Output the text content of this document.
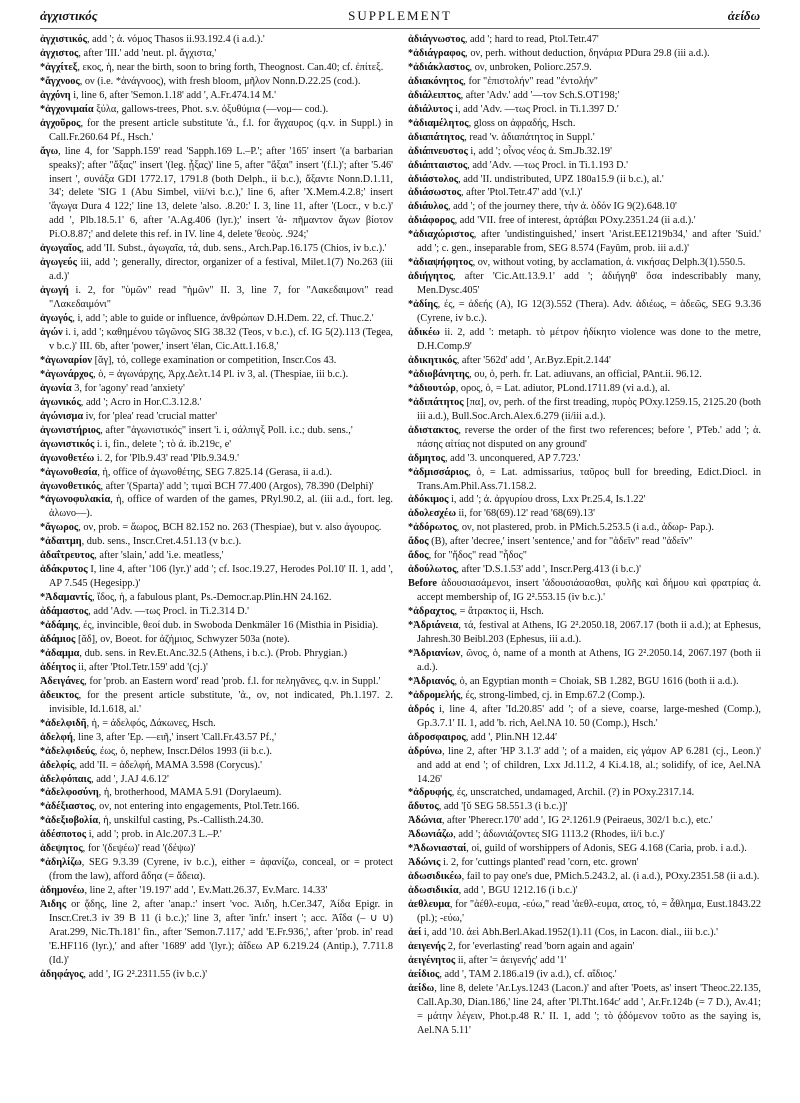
ἀγχιστικός	SUPPLEMENT	ἀείδω

ἀγχιστικός, add '; ἀ. νόμος Thasos ii.93.192.4 (i a.d.).'

ἀγχιστος, after 'III.' add 'neut. pl. ἄγχιστα,'

*ἀγχίτεξ, εκος, ἡ, near the birth, soon to bring forth, Theognost. Can.40; cf. ἐπίτεξ.

*ἄγχνοος, ον (i.e. *ἀνάγνοος), with fresh bloom, μῆλον Nonn.D.22.25 (cod.).

ἀγχόνη i, line 6, after 'Semon.1.18' add ', A.Fr.474.14 M.'

*ἀγχονιμαία ξύλα, gallows-trees, Phot. s.v. ὀξυθύμια (—νομ— cod.).

ἀγχοῦρος, for the present article substitute 'ἀ., f.l. for ἄγχαυρος (q.v. in Suppl.) in Call.Fr.260.64 Pf., Hsch.'

ἄγω, line 4, for 'Sapph.159' read 'Sapph.169 L.–P.'; after '165' insert '(a barbarian speaks)'; after "ἄξας" insert '(leg. ᾖξας)' line 5, after "ἄξαι" insert '(f.l.)'; after '5.46' insert ', συνάξα GDI 1772.17, 1791.8 (both Delph., ii b.c.), ἄξαντε Nonn.D.1.11, 34'; delete 'SIG 1 (Abu Simbel, vii/vi b.c.),' line 6, after 'X.Mem.4.2.8;' insert 'ἄγωγα Dura 4 122;' line 13, delete 'also. .8.20:' I. 3, line 11, after '(Locr., v b.c.)' add ', Plb.18.5.1' 6, after 'A.Ag.406 (lyr.);' insert 'ἀ- πῆμαντον ἄγων βίοτον Pi.O.8.87;' and delete this ref. in IV. line 4, delete 'θεοὺς. .924;'

ἀγωγαῖος, add 'II. Subst., ἀγωγαῖα, τά, dub. sens., Arch.Pap.16.175 (Chios, iv b.c.).'

ἀγωγεύς iii, add '; generally, director, organizer of a festival, Milet.1(7) No.263 (iii a.d.)'

ἀγωγή i. 2, for "ὑμῶν" read "ἡμῶν" II. 3, line 7, for "Λακεδαιμονι" read "Λακεδαιμόνι"

ἀγωγός, i, add '; able to guide or influence, ἀνθρώπων D.H.Dem. 22, cf. Thuc.2.'

ἀγών i. i, add '; καθημένου τῶγῶνος SIG 38.32 (Teos, v b.c.), cf. IG 5(2).113 (Tegea, v b.c.)' III. 6b, after 'power,' insert 'élan, Cic.Att.1.16.8,'

*ἀγωναρίον [ᾰγ], τό, college examination or competition, Inscr.Cos 43.

*ἀγωνάρχος, ὁ, = ἀγωνάρχης, Ἀρχ.Δελτ.14 Pl. iv 3, al. (Thespiae, iii b.c.).

ἀγωνία 3, for 'agony' read 'anxiety'

ἀγωνικός, add '; Acro in Hor.C.3.12.8.'

ἀγώνισμα iv, for 'plea' read 'crucial matter'

ἀγωνιστήριος, after "ἀγωνιστικός" insert 'i. i, σάλπιγξ Poll. i.c.; dub. sens.,'

ἀγωνιστικός i. i, fin., delete '; τὸ ἀ. ib.219c, e'

ἀγωνοθετέω i. 2, for 'Plb.9.43' read 'Plb.9.34.9.'

*ἀγωνοθεσία, ἡ, office of ἀγωνοθέτης, SEG 7.825.14 (Gerasa, ii a.d.).

ἀγωνοθετικός, after '(Sparta)' add '; τιμαὶ BCH 77.400 (Argos), 78.390 (Delphi)'

*ἀγωνοφυλακία, ἡ, office of warden of the games, PRyl.90.2, al. (iii a.d., fort. leg. ἀλωνο—).

*ἄγωρος, ον, prob. = ἄωρος, BCH 82.152 no. 263 (Thespiae), but v. also ἀγουρος.

*ἀδαιτμη, dub. sens., Inscr.Cret.4.51.13 (v b.c.).

ἀδαΐτρευτος, after 'slain,' add 'i.e. meatless,'

ἀδάκρυτος I, line 4, after '106 (lyr.)' add '; cf. Isoc.19.27, Herodes Pol.10' II. 1, add ', AP 7.545 (Hegesipp.)'

*Ἀδαμαντίς, ἴδος, ἡ, a fabulous plant, Ps.-Democr.ap.Plin.HN 24.162.

ἀδάμαστος, add 'Adv. —τως Procl. in Ti.2.314 D.'

*ἀδάμης, ές, invincible, θεοί dub. in Swoboda Denkmäler 16 (Misthia in Pisidia).

ἀδάμιος [ᾰδ], ον, Boeot. for ἀζήμιος, Schwyzer 503a (note).

*ἀδαμμα, dub. sens. in Rev.Et.Anc.32.5 (Athens, i b.c.). (Prob. Phrygian.)

ἀδέητος ii, after 'Ptol.Tetr.159' add '(cj.)'

Ἀδειγάνες, for 'prob. an Eastern word' read 'prob. f.l. for πεληγᾶνες, q.v. in Suppl.'

ἀδεικτος, for the present article substitute, 'ἀ., ον, not indicated, Ph.1.197. 2. invisible, Id.1.618, al.'

*ἀδελφιδῆ, ἡ, = ἀδελφός, Δάκωνες, Hsch.

ἀδελφή, line 3, after 'Ep. —ειῆ,' insert 'Call.Fr.43.57 Pf.,'

*ἀδελφιδεύς, έως, ὁ, nephew, Inscr.Délos 1993 (ii b.c.).

ἀδελφίς, add 'II. = ἀδελφή, MAMA 3.598 (Corycus).'

ἀδελφόπαις, add ', J.AJ 4.6.12'

*ἀδελφοσύνη, ἡ, brotherhood, MAMA 5.91 (Dorylaeum).

*ἀδέξιαστος, ον, not entering into engagements, Ptol.Tetr.166.

*ἀδεξιοβολία, ἡ, unskilful casting, Ps.-Callisth.24.30.

ἀδέσποτος i, add '; prob. in Alc.207.3 L.–P.'

ἀδεψητος, for '(δεψέω)' read '(δέψω)'

*ἀδηλίζω, SEG 9.3.39 (Cyrene, iv b.c.), either = ἀφανίζω, conceal, or = protect (from the law), afford ἄδηα (= ἄδεια).

ἀδημονέω, line 2, after '19.197' add ', Ev.Matt.26.37, Ev.Marc. 14.33'

Ἀιδης or ᾅδης, line 2, after 'anap.:' insert 'voc. Ἀιδη, h.Cer.347, Ἀίδα Epigr. in Inscr.Cret.3 iv 39 B 11 (i b.c.);' line 3, after 'infr.' insert '; acc. Ἀΐδα (– ∪ ∪) Arat.299, Nic.Th.181' fin., after 'Semon.7.117,' add 'E.Fr.936,', after 'prob. in' read 'E.HF116 (lyr.),' and after '1689' add '(lyr.); ἀΐδεω AP 6.219.24 (Antip.), 7.711.8 (Id.)'

ἀδηφάγος, add ', IG 2².2311.55 (iv b.c.)'

ἀδιάγνωστος, add '; hard to read, Ptol.Tetr.47'

*ἀδιάγραφος, ον, perh. without deduction, δηνάρια PDura 29.8 (iii a.d.).

*ἀδιάκλαστος, ον, unbroken, Poliorc.257.9.

ἀδιακόνητος, for "ἐπιστολήν" read "ἐντολήν"

ἀδιάλειπτος, after 'Adv.' add '—τον Sch.S.OT198;'

ἀδιάλυτος i, add 'Adv. —τως Procl. in Ti.1.397 D.'

*ἀδιαμέλητος, gloss on ἀφραδής, Hsch.

ἀδιαπάτητος, read 'v. ἀδιαπάτητος in Suppl.'

ἀδιάπνευστος i, add '; οἶνος νέος ἀ. Sm.Jb.32.19'

ἀδιάπταιστος, add 'Adv. —τως Procl. in Ti.1.193 D.'

ἀδιάστολος, add 'II. undistributed, UPZ 180a15.9 (ii b.c.), al.'

ἀδιάσωστος, after 'Ptol.Tetr.47' add '(v.l.)'

ἀδιάυλος, add '; of the journey there, τὴν ἀ. ὁδόν IG 9(2).648.10'

ἀδιάφορος, add 'VII. free of interest, ἀρτάβαι POxy.2351.24 (ii a.d.).'

*ἀδιαχώριστος, after 'undistinguished,' insert 'Arist.EE1219b34,' and after 'Suid.' add '; c. gen., inseparable from, SEG 8.574 (Fayûm, prob. iii a.d.)'

*ἀδιαψήφητος, ον, without voting, by acclamation, ἀ. νικήσας Delph.3(1).550.5.

ἀδιήγητος, after 'Cic.Att.13.9.1' add '; ἀδιήγηθ' ὅσα indescribably many, Men.Dysc.405'

*ἀδίης, ές, = ἀδεής (A), IG 12(3).552 (Thera). Adv. ἀδιέως, = ἀδεῶς, SEG 9.3.36 (Cyrene, iv b.c.).

ἀδικέω ii. 2, add ': metaph. τὸ μέτρον ἠδίκητο violence was done to the metre, D.H.Comp.9'

ἀδικητικός, after '562d' add ', Ar.Byz.Epit.2.144'

*ἀδιοβάνητης, ου, ὁ, perh. fr. Lat. adiuvans, an official, PAnt.ii. 96.12.

*ἀδιουτώρ, ορος, ὁ, = Lat. adiutor, PLond.1711.89 (vi a.d.), al.

*ἀδιπάτητος [πα], ον, perh. of the first treading, πυρὸς POxy.1259.15, 2125.20 (both iii a.d.), Bull.Soc.Arch.Alex.6.279 (ii/iii a.d.).

ἀδιστακτος, reverse the order of the first two references; before ', PTeb.' add '; ἀ. πάσης αἰτίας not disputed on any ground'

ἀδμητος, add '3. unconquered, AP 7.723.'

*ἀδμισσάριος, ὁ, = Lat. admissarius, ταῦρος bull for breeding, Edict.Diocl. in Trans.Am.Phil.Ass.71.158.2.

ἀδόκιμος i, add '; ἀ. ἀργυρίου dross, Lxx Pr.25.4, Is.1.22'

ἀδολεσχέω ii, for '68(69).12' read '68(69).13'

*ἀδόρωτος, ον, not plastered, prob. in PMich.5.253.5 (i a.d., ἀδωρ- Pap.).

ἄδος (B), after 'decree,' insert 'sentence,' and for "ἀδεῖν" read "ἀδεῖν"

ἄδος, for "ἥδος" read "ἧδος"

ἀδούλωτος, after 'D.S.1.53' add ', Inscr.Perg.413 (i b.c.)'

Before ἀδουσιασάμενοι, insert 'ἀδουσιάσασθαι, φυλῆς καὶ δήμου καὶ φρατρίας ἀ. accept membership of, IG 2².553.15 (iv b.c.).'

*ἀδραχτος, = ἄτρακτος ii, Hsch.

*Ἀδριάνεια, τά, festival at Athens, IG 2².2050.18, 2067.17 (both ii a.d.); at Ephesus, Jahresh.30 Beibl.203 (Ephesus, iii a.d.).

*Ἀδριανίων, ῶνος, ὁ, name of a month at Athens, IG 2².2050.14, 2067.197 (both ii a.d.).

*Ἀδριανός, ὁ, an Egyptian month = Choiak, SB 1.282, BGU 1616 (both ii a.d.).

*ἀδρομελής, ές, strong-limbed, cj. in Emp.67.2 (Comp.).

ἁδρός i, line 4, after 'Id.20.85' add '; of a sieve, coarse, large-meshed (Comp.), Gp.3.7.1' II. 1, add 'b. rich, Ael.NA 10. 50 (Comp.), Hsch.'

ἁδροσφαιρος, add ', Plin.NH 12.44'

ἁδρύνω, line 2, after 'HP 3.1.3' add '; of a maiden, εἰς γάμον AP 6.281 (cj., Leon.)' and add at end '; of children, Lxx Jd.11.2, 4 Ki.4.18, al.; solidify, of ice, Ael.NA 14.26'

*ἀδρυφής, ές, unscratched, undamaged, Archil. (?) in POxy.2317.14.

ἄδυτος, add '[ῠ SEG 58.551.3 (i b.c.)]'

Ἀδώνια, after 'Pherecr.170' add ', IG 2².1261.9 (Peiraeus, 302/1 b.c.), etc.'

Ἀδωνιάζω, add '; ἀδωνιάζοντες SIG 1113.2 (Rhodes, ii/i b.c.)'

*Ἀδωνιασταί, οἱ, guild of worshippers of Adonis, SEG 4.168 (Caria, prob. i a.d.).

Ἀδώνις i. 2, for 'cuttings planted' read 'corn, etc. grown'

ἀδωσιδικέω, fail to pay one's due, PMich.5.243.2, al. (i a.d.), POxy.2351.58 (ii a.d.).

ἀδωσιδικία, add ', BGU 1212.16 (i b.c.)'

ἀεθλευμα, for "ἀέθλ-ευμα, -εύω," read 'ἀεθλ-ευμα, ατος, τό, = ἆθλημα, Eust.1843.22 (pl.); -εύω,'

ἀεί i, add '10. ἀεὶ Abh.Berl.Akad.1952(1).11 (Cos, in Lacon. dial., iii b.c.).'

ἀειγενής 2, for 'everlasting' read 'born again and again'

ἀειγένητος ii, after '= ἀειγενής' add '1'

ἀείδιος, add ', TAM 2.186.a19 (iv a.d.), cf. αἴδιος.'

ἀείδω, line 8, delete 'Ar.Lys.1243 (Lacon.)' and after 'Poets, as' insert 'Theoc.22.135, Call.Ap.30, Dian.186,' line 24, after 'Pl.Tht.164c' add ', Ar.Fr.124b (= 7 D.), Av.41; = μάτην λέγειν, Phot.p.48 R.' II. 1, add '; τὸ ᾀδόμενον τοῦτο as the saying is, Ael.NA 5.11'
